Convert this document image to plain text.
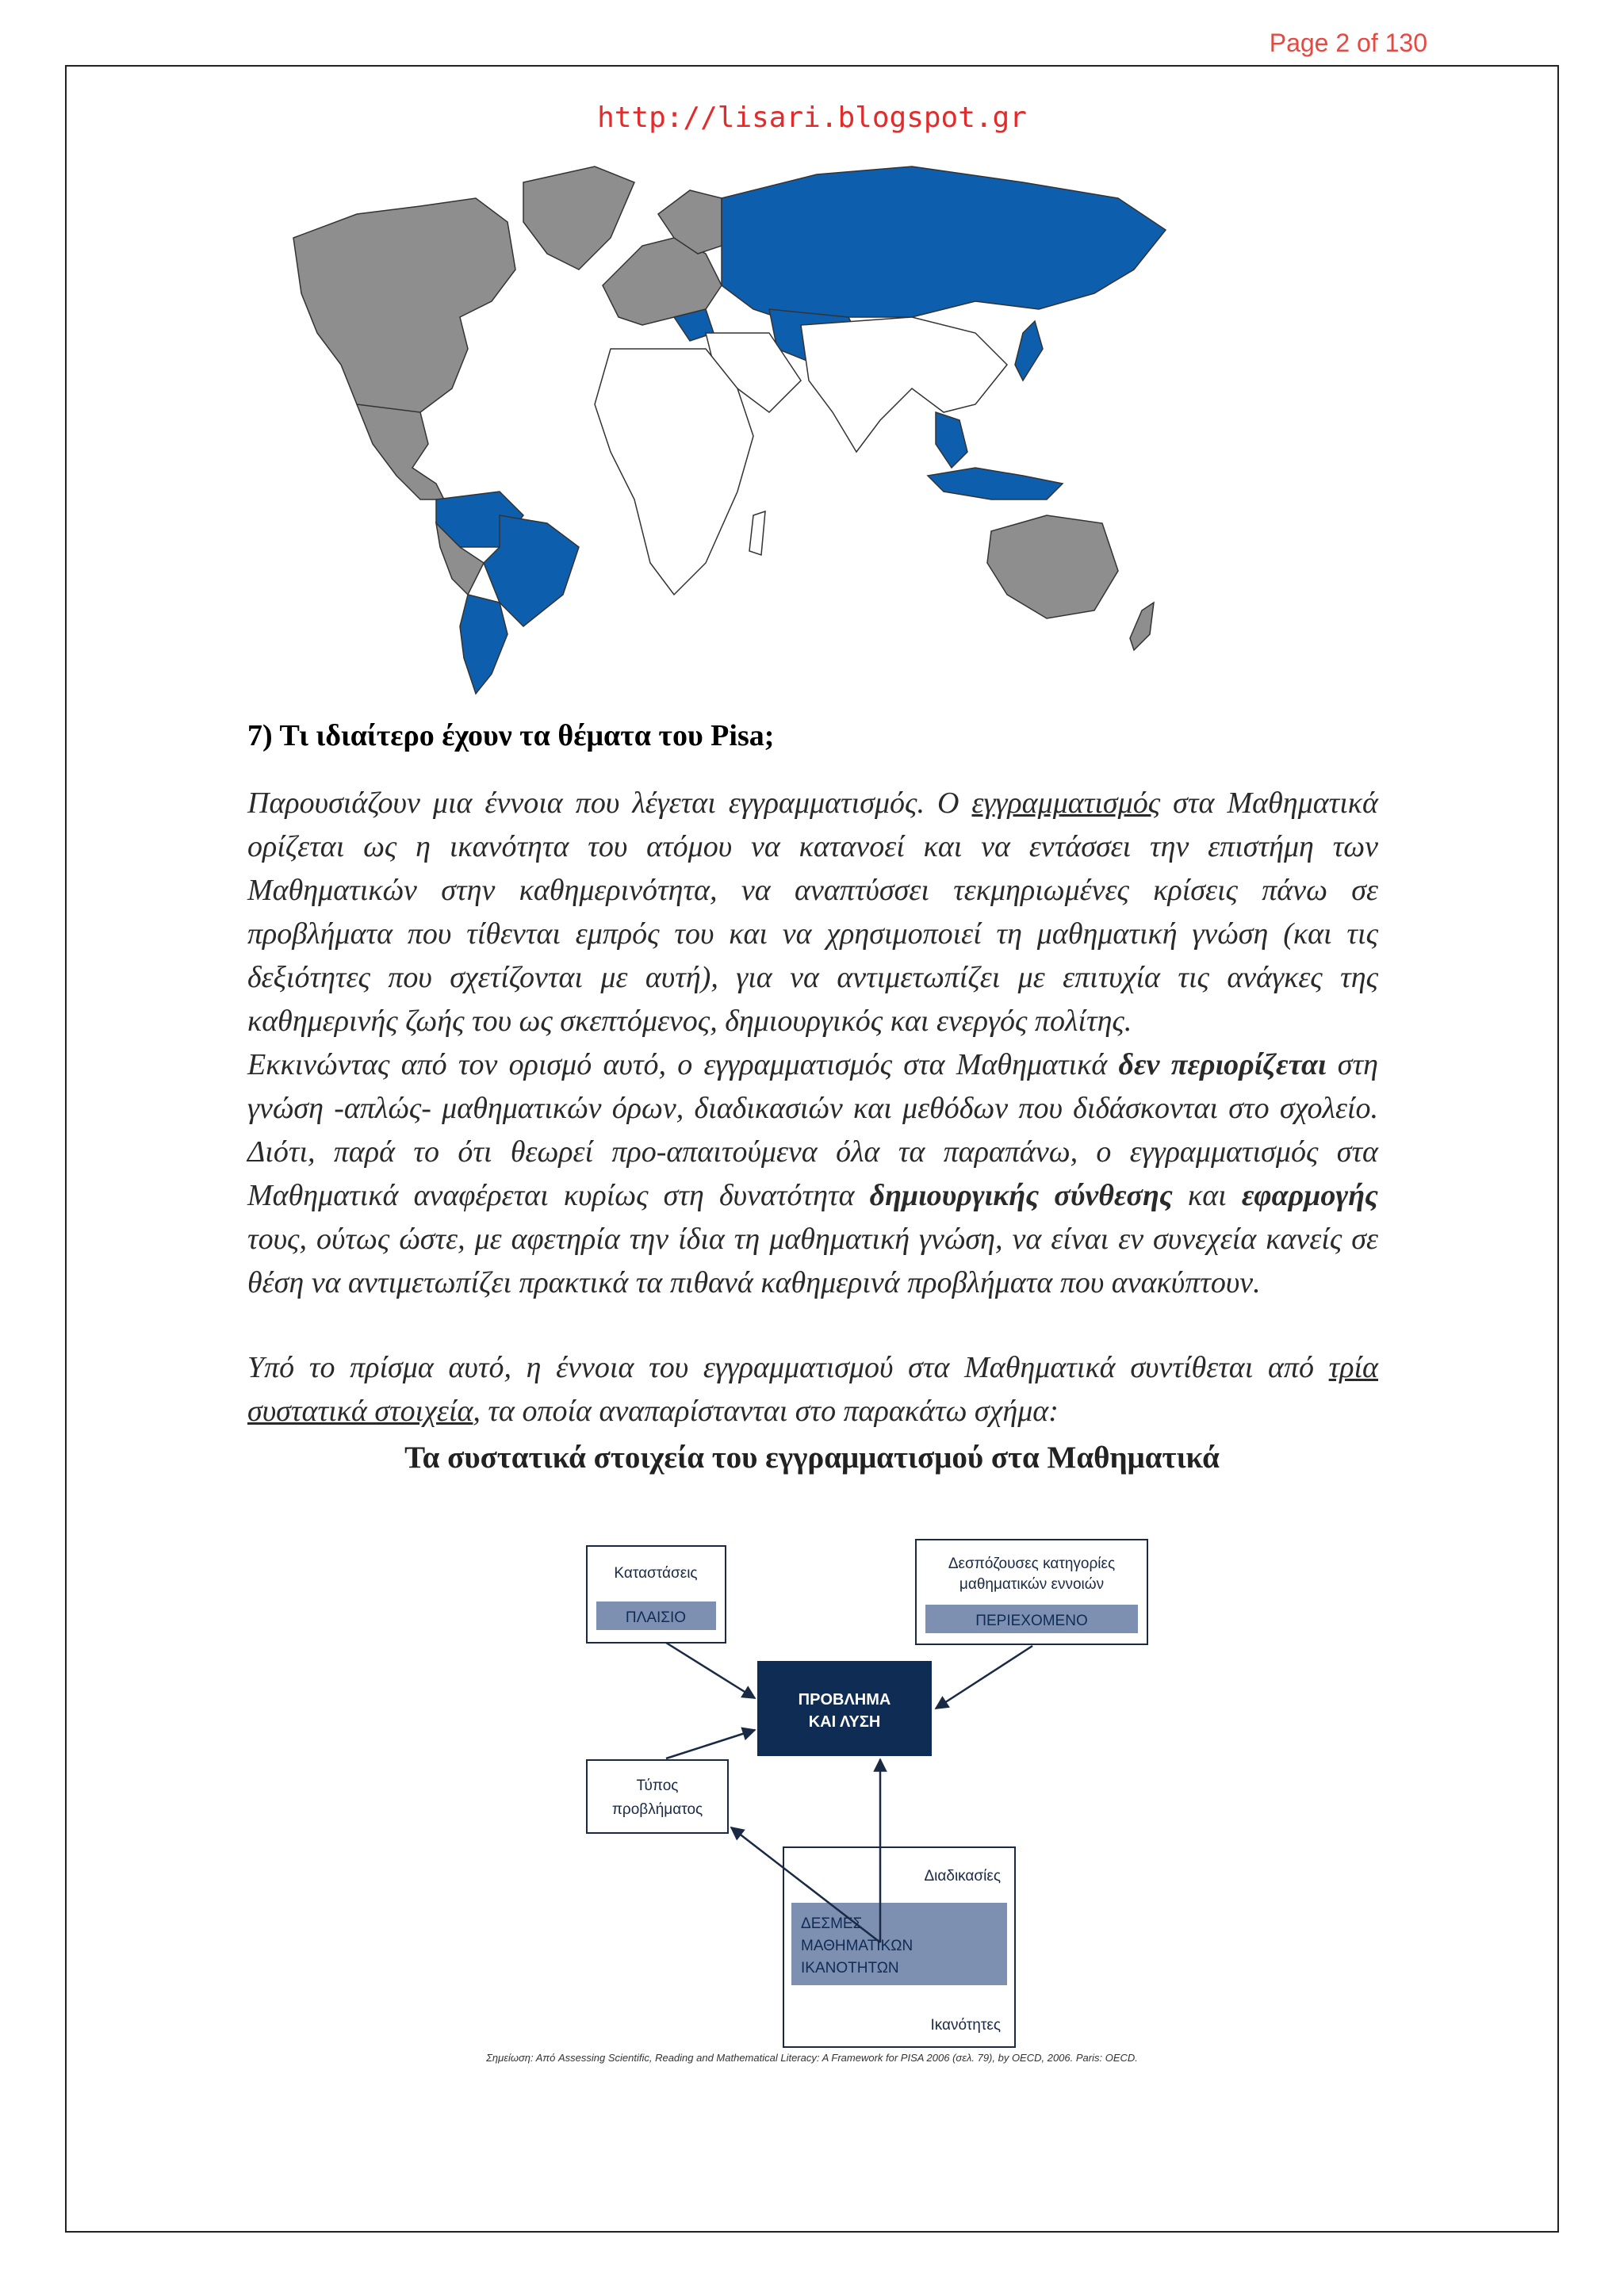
Page 2 of 130
http://lisari.blogspot.gr
7) Τι ιδιαίτερο έχουν τα θέματα του Pisa;

Παρουσιάζουν μια έννοια που λέγεται εγγραμματισμός. Ο εγγραμματισμός στα Μαθηματικά ορίζεται ως η ικανότητα του ατόμου να κατανοεί και να εντάσσει την επιστήμη των Μαθηματικών στην καθημερινότητα, να αναπτύσσει τεκμηριωμένες κρίσεις πάνω σε προβλήματα που τίθενται εμπρός του και να χρησιμοποιεί τη μαθηματική γνώση (και τις δεξιότητες που σχετίζονται με αυτή), για να αντιμετωπίζει με επιτυχία τις ανάγκες της καθημερινής ζωής του ως σκεπτόμενος, δημιουργικός και ενεργός πολίτης.

Εκκινώντας από τον ορισμό αυτό, ο εγγραμματισμός στα Μαθηματικά δεν περιορίζεται στη γνώση -απλώς- μαθηματικών όρων, διαδικασιών και μεθόδων που διδάσκονται στο σχολείο. Διότι, παρά το ότι θεωρεί προ-απαιτούμενα όλα τα παραπάνω, ο εγγραμματισμός στα Μαθηματικά αναφέρεται κυρίως στη δυνατότητα δημιουργικής σύνθεσης και εφαρμογής τους, ούτως ώστε, με αφετηρία την ίδια τη μαθηματική γνώση, να είναι εν συνεχεία κανείς σε θέση να αντιμετωπίζει πρακτικά τα πιθανά καθημερινά προβλήματα που ανακύπτουν.

Υπό το πρίσμα αυτό, η έννοια του εγγραμματισμού στα Μαθηματικά συντίθεται από τρία συστατικά στοιχεία, τα οποία αναπαρίστανται στο παρακάτω σχήμα:

Τα συστατικά στοιχεία του εγγραμματισμού στα Μαθηματικά
Καταστάσεις
ΠΛΑΙΣΙΟ
Δεσπόζουσες κατηγορίες
μαθηματικών εννοιών
ΠΕΡΙΕΧΟΜΕΝΟ
ΠΡΟΒΛΗΜΑ
ΚΑΙ ΛΥΣΗ
Τύπος
προβλήματος
Διαδικασίες
ΔΕΣΜΕΣ
ΜΑΘΗΜΑΤΙΚΩΝ
ΙΚΑΝΟΤΗΤΩΝ
Ικανότητες
Σημείωση: Από Assessing Scientific, Reading and Mathematical Literacy: A Framework for PISA 2006 (σελ. 79), by OECD, 2006. Paris: OECD.
